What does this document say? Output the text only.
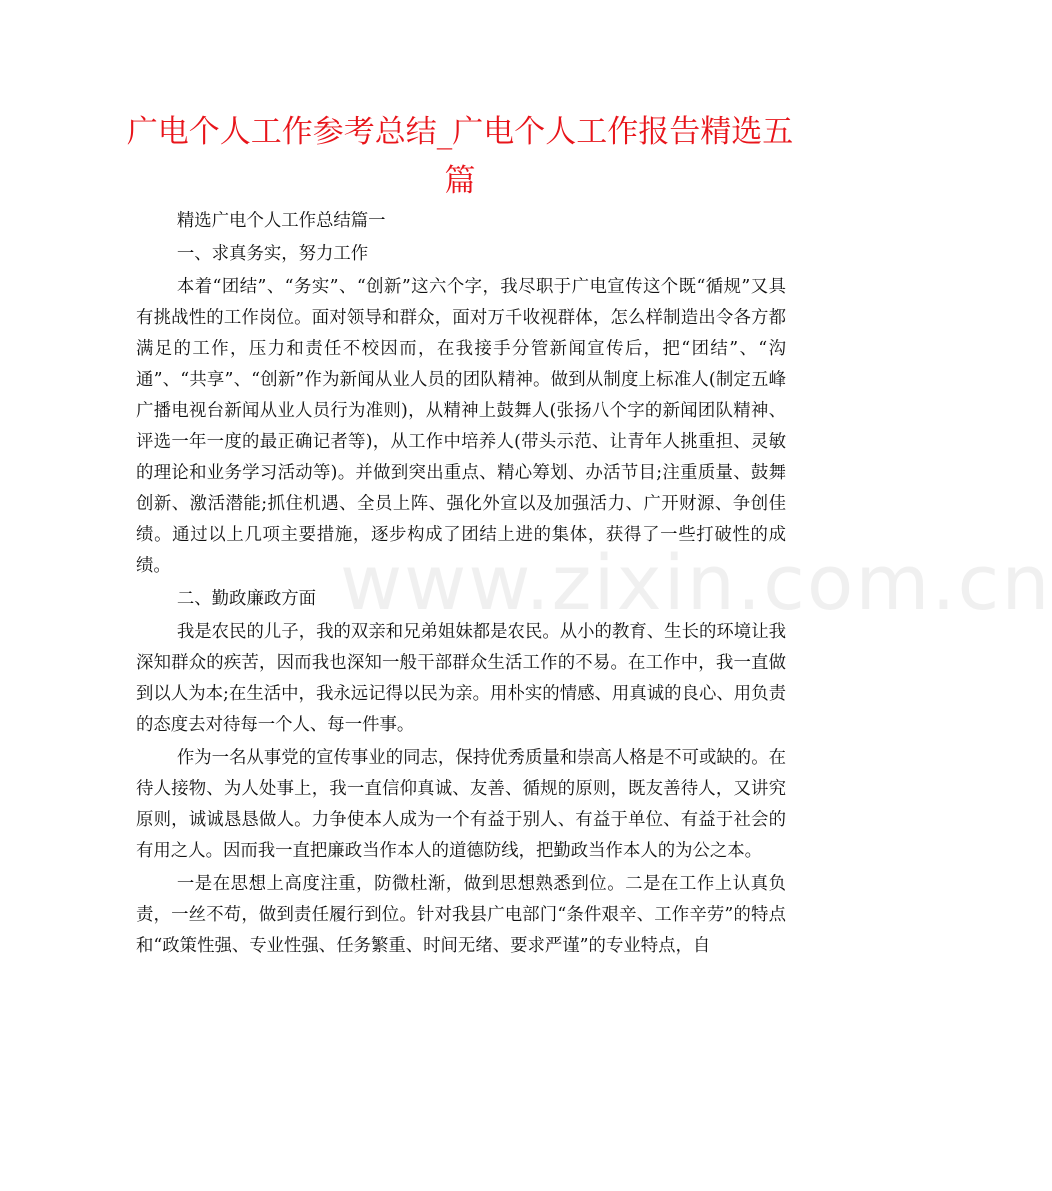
广电个人工作参考总结_广电个人工作报告精选五篇

精选广电个人工作总结篇一

一、求真务实，努力工作

本着“团结”、“务实”、“创新”这六个字，我尽职于广电宣传这个既“循规”又具有挑战性的工作岗位。面对领导和群众，面对万千收视群体，怎么样制造出令各方都满足的工作，压力和责任不校因而，在我接手分管新闻宣传后，把“团结”、“沟通”、“共享”、“创新”作为新闻从业人员的团队精神。做到从制度上标准人(制定五峰广播电视台新闻从业人员行为准则)，从精神上鼓舞人(张扬八个字的新闻团队精神、评选一年一度的最正确记者等)，从工作中培养人(带头示范、让青年人挑重担、灵敏的理论和业务学习活动等)。并做到突出重点、精心筹划、办活节目;注重质量、鼓舞创新、激活潜能;抓住机遇、全员上阵、强化外宣以及加强活力、广开财源、争创佳绩。通过以上几项主要措施，逐步构成了团结上进的集体，获得了一些打破性的成绩。

二、勤政廉政方面

我是农民的儿子，我的双亲和兄弟姐妹都是农民。从小的教育、生长的环境让我深知群众的疾苦，因而我也深知一般干部群众生活工作的不易。在工作中，我一直做到以人为本;在生活中，我永远记得以民为亲。用朴实的情感、用真诚的良心、用负责的态度去对待每一个人、每一件事。

作为一名从事党的宣传事业的同志，保持优秀质量和崇高人格是不可或缺的。在待人接物、为人处事上，我一直信仰真诚、友善、循规的原则，既友善待人，又讲究原则，诚诚恳恳做人。力争使本人成为一个有益于别人、有益于单位、有益于社会的有用之人。因而我一直把廉政当作本人的道德防线，把勤政当作本人的为公之本。

一是在思想上高度注重，防微杜渐，做到思想熟悉到位。二是在工作上认真负责，一丝不苟，做到责任履行到位。针对我县广电部门“条件艰辛、工作辛劳”的特点和“政策性强、专业性强、任务繁重、时间无绪、要求严谨”的专业特点，自

www.zixin.com.cn
